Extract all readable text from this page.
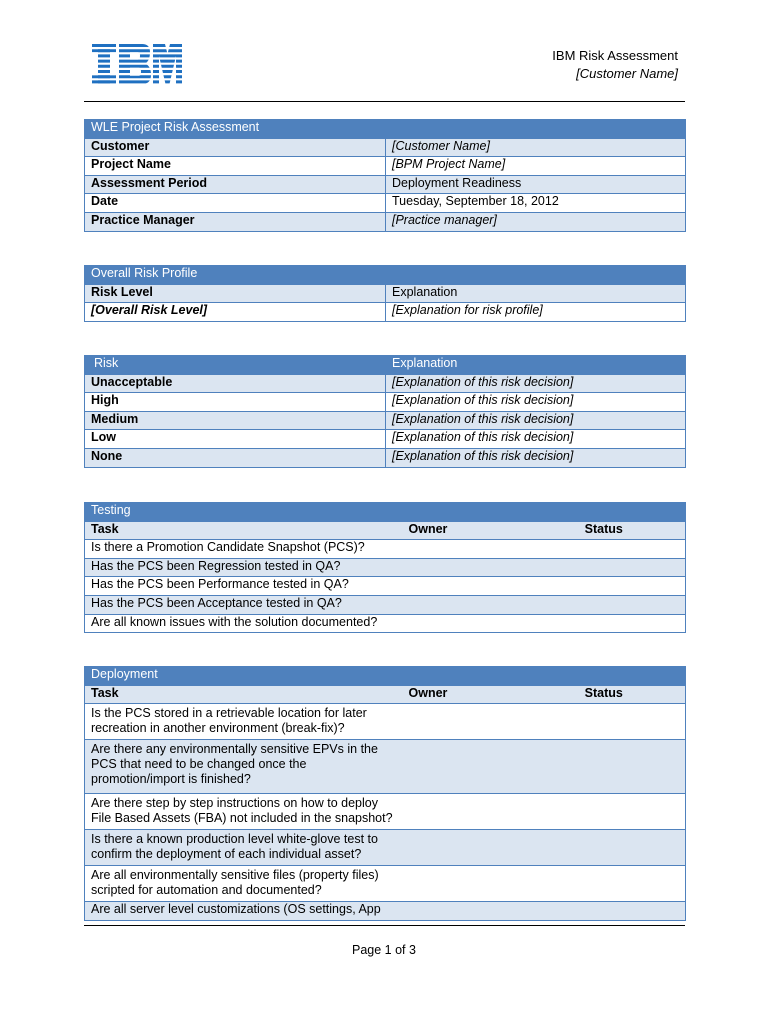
IBM Risk Assessment
[Customer Name]
WLE Project Risk Assessment	
Customer	[Customer Name]
Project Name	[BPM Project Name]
Assessment Period	Deployment Readiness
Date	Tuesday, September 18, 2012
Practice Manager	[Practice manager]
Overall Risk Profile	
Risk Level	Explanation
[Overall Risk Level]	[Explanation for risk profile]
Risk	Explanation
Unacceptable	[Explanation of this risk decision]
High	[Explanation of this risk decision]
Medium	[Explanation of this risk decision]
Low	[Explanation of this risk decision]
None	[Explanation of this risk decision]
Testing		
Task	Owner	Status
Is there a Promotion Candidate Snapshot (PCS)?		
Has the PCS been Regression tested in QA?		
Has the PCS been Performance tested in QA?		
Has the PCS been Acceptance tested in QA?		
Are all known issues with the solution documented?		
Deployment		
Task	Owner	Status
Is the PCS stored in a retrievable location for later recreation in another environment (break-fix)?		
Are there any environmentally sensitive EPVs in the PCS that need to be changed once the promotion/import is finished?		
Are there step by step instructions on how to deploy File Based Assets (FBA) not included in the snapshot?		
Is there a known production level white-glove test to confirm the deployment of each individual asset?		
Are all environmentally sensitive files (property files) scripted for automation and documented?		
Are all server level customizations (OS settings, App		
Page 1 of 3
